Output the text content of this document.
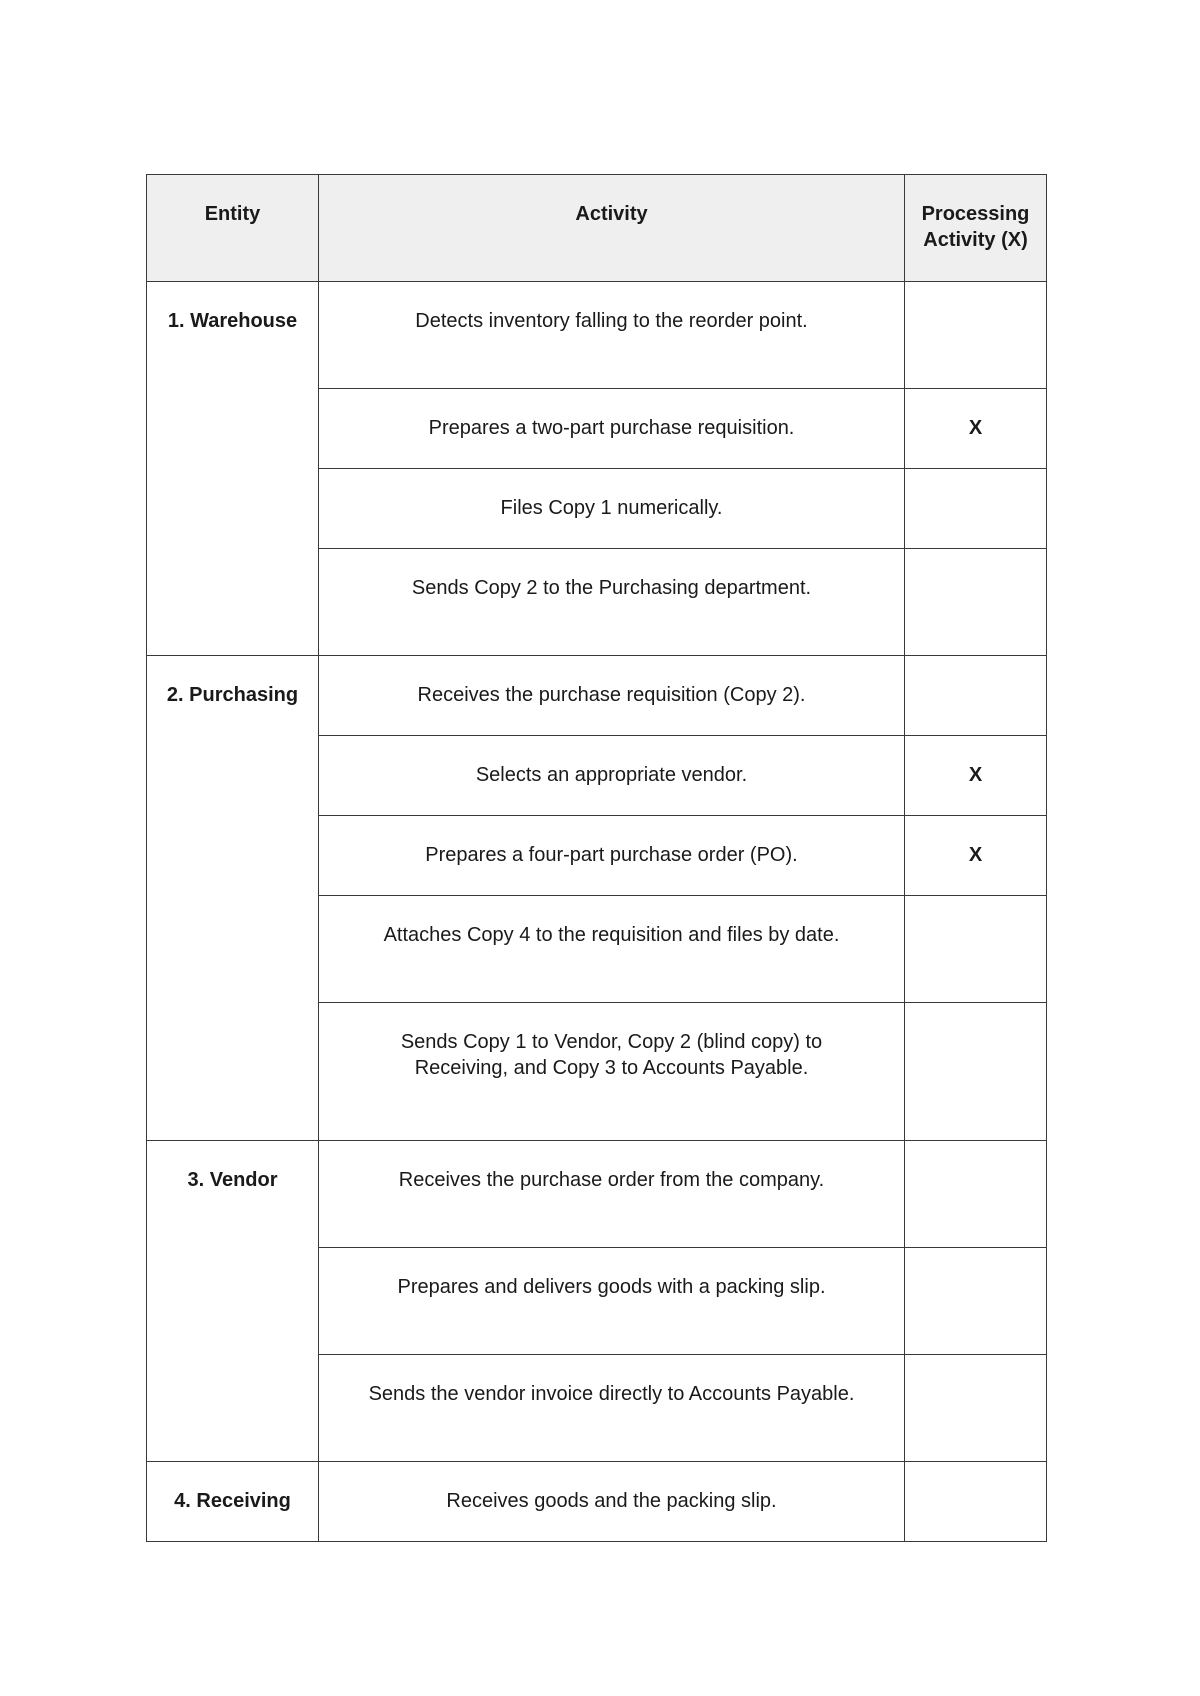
Entity	Activity	Processing
Activity (X)

1. Warehouse	Detects inventory falling to the reorder point.	
	Prepares a two-part purchase requisition.	X
	Files Copy 1 numerically.	
	Sends Copy 2 to the Purchasing department.	
2. Purchasing	Receives the purchase requisition (Copy 2).	
	Selects an appropriate vendor.	X
	Prepares a four-part purchase order (PO).	X
	Attaches Copy 4 to the requisition and files by date.	

	Sends Copy 1 to Vendor, Copy 2 (blind copy) to
Receiving, and Copy 3 to Accounts Payable.	

3. Vendor	Receives the purchase order from the company.	
	Prepares and delivers goods with a packing slip.	
	Sends the vendor invoice directly to Accounts Payable.	
4. Receiving	Receives goods and the packing slip.	
